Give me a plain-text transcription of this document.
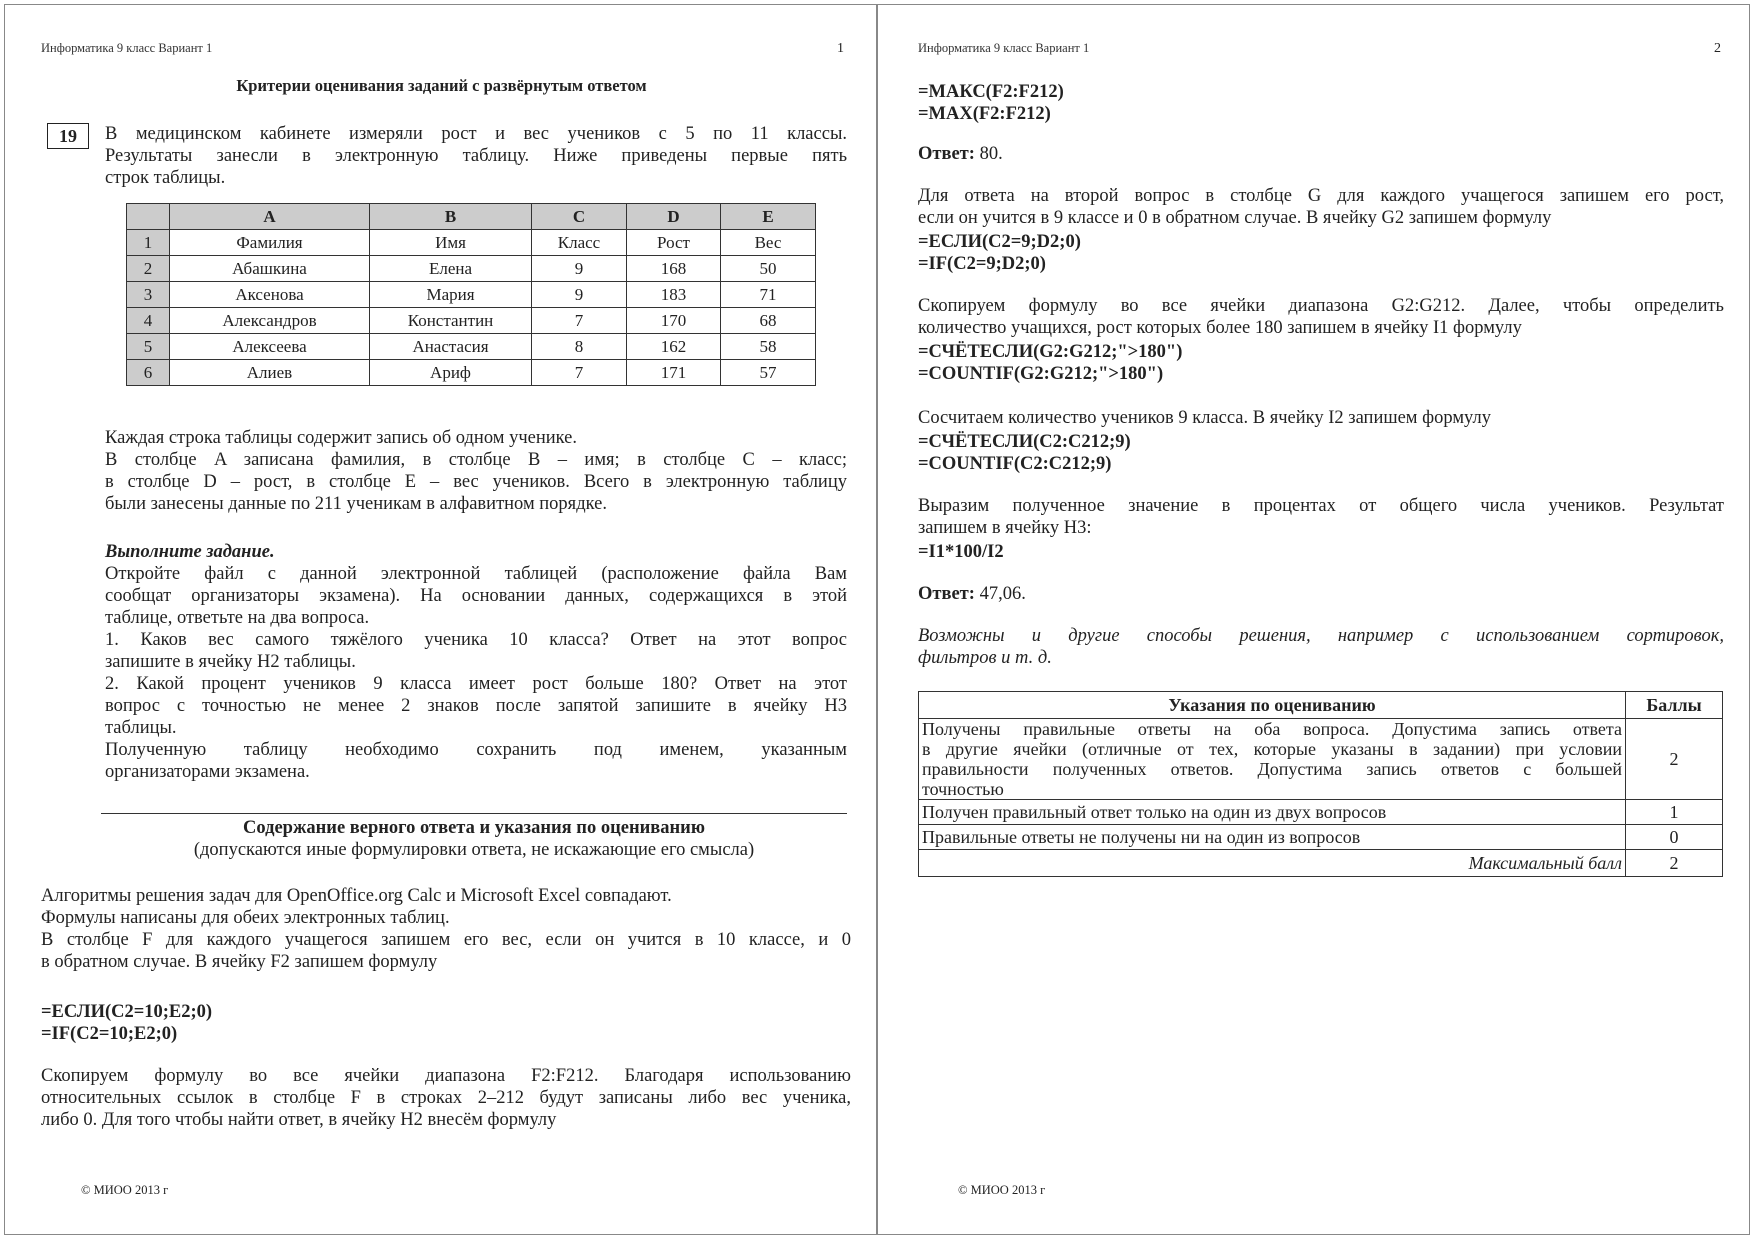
Информатика 9 класс Вариант 1	1
Критерии оценивания заданий с развёрнутым ответом
19	В медицинском кабинете измеряли рост и вес учеников с 5 по 11 классы.
Результаты занесли в электронную таблицу. Ниже приведены первые пять
строк таблицы.
	A	B	C	D	E
1	Фамилия	Имя	Класс	Рост	Вес
2	Абашкина	Елена	9	168	50
3	Аксенова	Мария	9	183	71
4	Александров	Константин	7	170	68
5	Алексеева	Анастасия	8	162	58
6	Алиев	Ариф	7	171	57
Каждая строка таблицы содержит запись об одном ученике.
В столбце A записана фамилия, в столбце B – имя; в столбце C – класс;
в столбце D – рост, в столбце E – вес учеников. Всего в электронную таблицу
были занесены данные по 211 ученикам в алфавитном порядке.
Выполните задание.
Откройте файл с данной электронной таблицей (расположение файла Вам
сообщат организаторы экзамена). На основании данных, содержащихся в этой
таблице, ответьте на два вопроса.
1. Каков вес самого тяжёлого ученика 10 класса? Ответ на этот вопрос
запишите в ячейку H2 таблицы.
2. Какой процент учеников 9 класса имеет рост больше 180? Ответ на этот
вопрос с точностью не менее 2 знаков после запятой запишите в ячейку H3
таблицы.
Полученную таблицу необходимо сохранить под именем, указанным
организаторами экзамена.
Содержание верного ответа и указания по оцениванию
(допускаются иные формулировки ответа, не искажающие его смысла)
Алгоритмы решения задач для OpenOffice.org Calc и Microsoft Excel совпадают.
Формулы написаны для обеих электронных таблиц.
В столбце F для каждого учащегося запишем его вес, если он учится в 10 классе, и 0
в обратном случае. В ячейку F2 запишем формулу
=ЕСЛИ(C2=10;E2;0)
=IF(C2=10;E2;0)
Скопируем формулу во все ячейки диапазона F2:F212. Благодаря использованию
относительных ссылок в столбце F в строках 2–212 будут записаны либо вес ученика,
либо 0. Для того чтобы найти ответ, в ячейку H2 внесём формулу
© МИОО 2013 г
Информатика 9 класс Вариант 1	2
=МАКС(F2:F212)
=MAX(F2:F212)
Ответ: 80.
Для ответа на второй вопрос в столбце G для каждого учащегося запишем его рост,
если он учится в 9 классе и 0 в обратном случае. В ячейку G2 запишем формулу
=ЕСЛИ(C2=9;D2;0)
=IF(C2=9;D2;0)
Скопируем формулу во все ячейки диапазона G2:G212. Далее, чтобы определить
количество учащихся, рост которых более 180 запишем в ячейку I1 формулу
=СЧЁТЕСЛИ(G2:G212;">180")
=COUNTIF(G2:G212;">180")
Сосчитаем количество учеников 9 класса. В ячейку I2 запишем формулу
=СЧЁТЕСЛИ(C2:C212;9)
=COUNTIF(C2:C212;9)
Выразим полученное значение в процентах от общего числа учеников. Результат
запишем в ячейку H3:
=I1*100/I2
Ответ: 47,06.
Возможны и другие способы решения, например с использованием сортировок,
фильтров и т. д.
Указания по оцениванию	Баллы

Получены правильные ответы на оба вопроса. Допустима запись ответа
в другие ячейки (отличные от тех, которые указаны в задании) при условии
правильности полученных ответов. Допустима запись ответов с большей
точностью	2
Получен правильный ответ только на один из двух вопросов	1
Правильные ответы не получены ни на один из вопросов	0
Максимальный балл	2
© МИОО 2013 г
